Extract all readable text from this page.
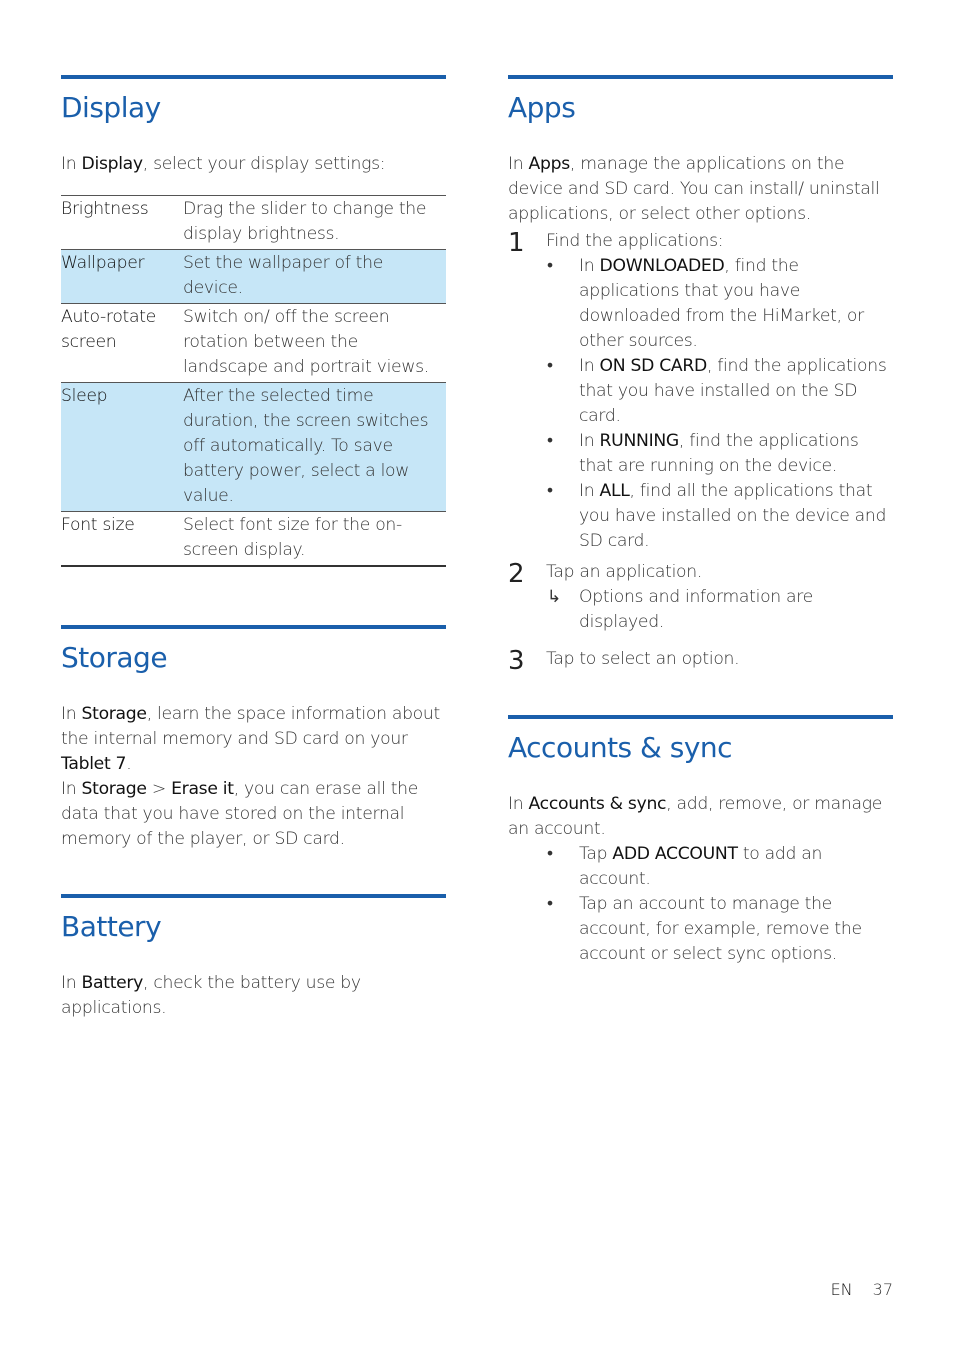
Display

In Display, select your display settings:

Brightness	Drag the slider to change the display brightness.
Wallpaper	Set the wallpaper of the device.
Auto-rotate screen	Switch on/ off the screen rotation between the landscape and portrait views.
Sleep	After the selected time duration, the screen switches off automatically. To save battery power, select a low value.
Font size	Select font size for the on-screen display.
Storage

In Storage, learn the space information about the internal memory and SD card on your Tablet 7.

In Storage > Erase it, you can erase all the data that you have stored on the internal memory of the player, or SD card.

Battery

In Battery, check the battery use by applications.

Apps

In Apps, manage the applications on the device and SD card. You can install/ uninstall applications, or select other options.

1	Find the applications:
•	In DOWNLOADED, find the applications that you have downloaded from the HiMarket, or other sources.
•	In ON SD CARD, find the applications that you have installed on the SD card.
•	In RUNNING, find the applications that are running on the device.
•	In ALL, find all the applications that you have installed on the device and SD card.
2	Tap an application.
↳	Options and information are displayed.
3	Tap to select an option.
Accounts & sync

In Accounts & sync, add, remove, or manage an account.

•	Tap ADD ACCOUNT to add an account.
•	Tap an account to manage the account, for example, remove the account or select sync options.
EN 37
